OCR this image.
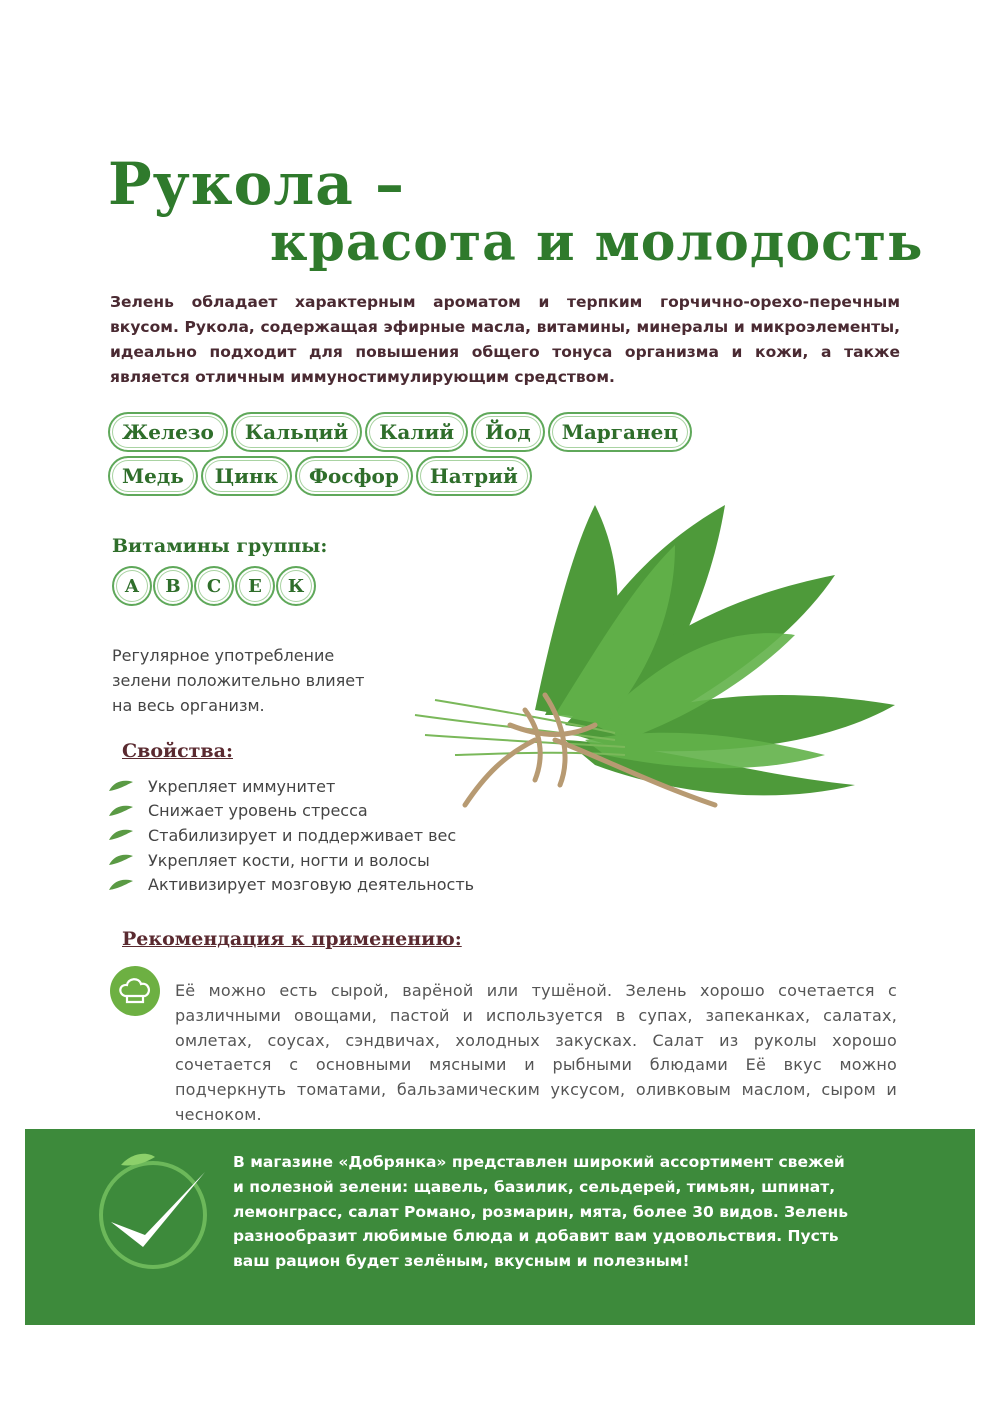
Рукола –
красота и молодость

Зелень обладает характерным ароматом и терпким горчично-орехо-перечным вкусом. Рукола, содержащая эфирные масла, витамины, минералы и микроэлементы, идеально подходит для повышения общего тонуса организма и кожи, а также является отличным иммуностимулирующим средством.

Железо	Кальций	Калий	Йод	Марганец
Медь	Цинк	Фосфор	Натрий
Витамины группы:
А	В	С	Е	К

Регулярное употребление зелени положительно влияет на весь организм.

Свойства:
Укрепляет иммунитет
Снижает уровень стресса
Стабилизирует и поддерживает вес
Укрепляет кости, ногти и волосы
Активизирует мозговую деятельность
Рекомендация к применению:

Её можно есть сырой, варёной или тушёной. Зелень хорошо сочетается с различными овощами, пастой и используется в супах, запеканках, салатах, омлетах, соусах, сэндвичах, холодных закусках. Салат из руколы хорошо сочетается с основными мясными и рыбными блюдами Её вкус можно подчеркнуть томатами, бальзамическим уксусом, оливковым маслом, сыром и чесноком.

В магазине «Добрянка» представлен широкий ассортимент свежей и полезной зелени: щавель, базилик, сельдерей, тимьян, шпинат, лемонграсс, салат Романо, розмарин, мята, более 30 видов. Зелень разнообразит любимые блюда и добавит вам удовольствия. Пусть ваш рацион будет зелёным, вкусным и полезным!
